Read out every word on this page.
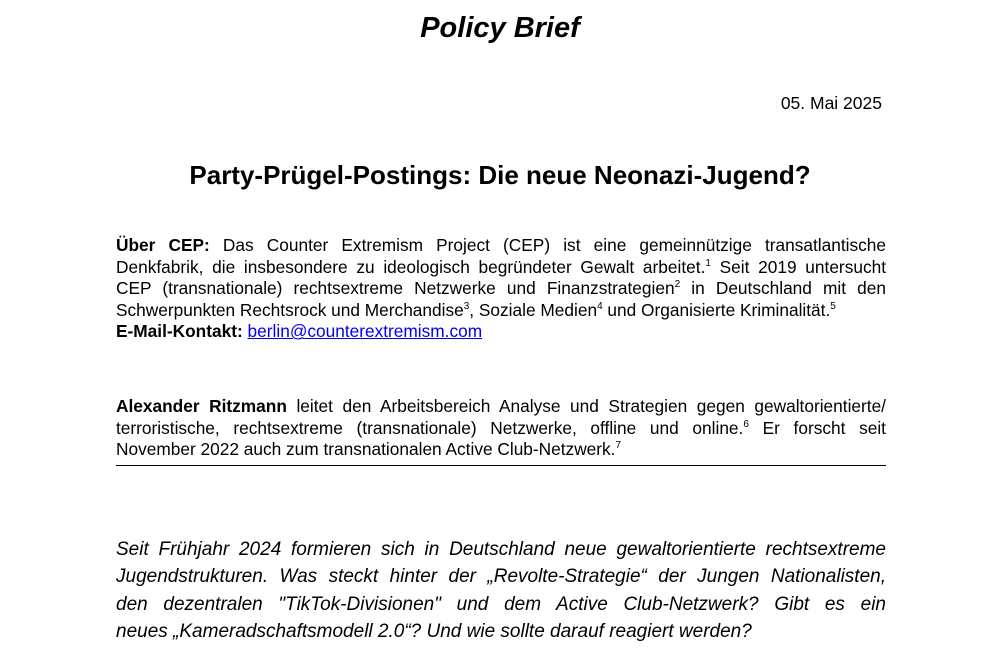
Policy Brief
05. Mai 2025
Party-Prügel-Postings: Die neue Neonazi-Jugend?

Über CEP: Das Counter Extremism Project (CEP) ist eine gemeinnützige transatlantische Denkfabrik, die insbesondere zu ideologisch begründeter Gewalt arbeitet.$^1$ Seit 2019 untersucht CEP (transnationale) rechtsextreme Netzwerke und Finanzstrategien$^2$ in Deutschland mit den Schwerpunkten Rechtsrock und Merchandise$^3$, Soziale Medien$^4$ und Organisierte Kriminalität.$^5$

E-Mail-Kontakt: berlin@counterextremism.com

Alexander Ritzmann leitet den Arbeitsbereich Analyse und Strategien gegen gewaltorientierte/ terroristische, rechtsextreme (transnationale) Netzwerke, offline und online.$^6$ Er forscht seit November 2022 auch zum transnationalen Active Club-Netzwerk.$^7$

Seit Frühjahr 2024 formieren sich in Deutschland neue gewaltorientierte rechtsextreme
Jugendstrukturen. Was steckt hinter der „Revolte-Strategie“ der Jungen Nationalisten,
den dezentralen "TikTok-Divisionen" und dem Active Club-Netzwerk? Gibt es ein
neues „Kameradschaftsmodell 2.0“? Und wie sollte darauf reagiert werden?
